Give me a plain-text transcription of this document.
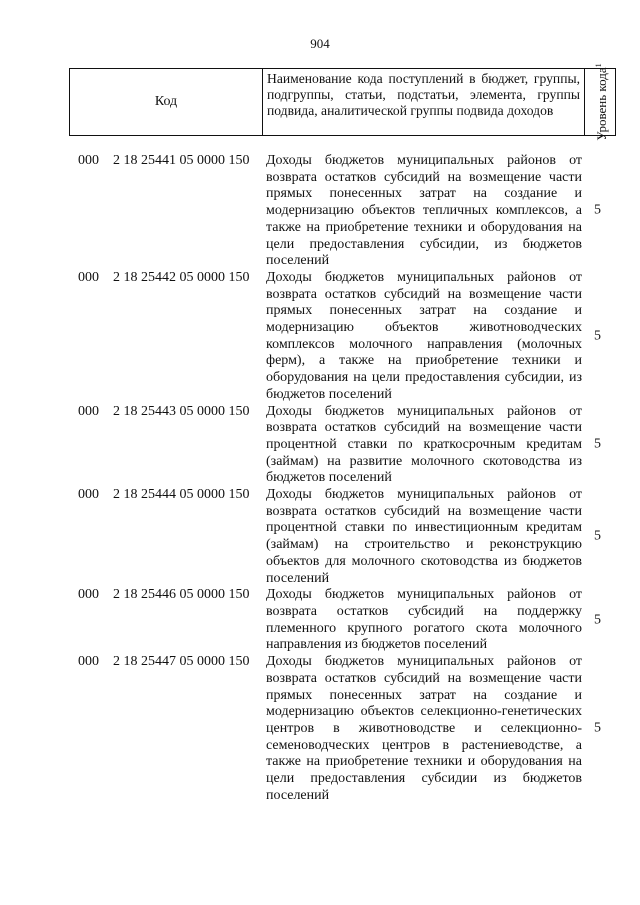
904
Код
Наименование кода поступлений в бюджет, группы, подгруппы, статьи, подстатьи, элемента, группы подвида, аналитической группы подвида доходов	Уровень кода$^1$
000 2 18 25441 05 0000 150 Доходы бюджетов муниципальных районов от возврата остатков субсидий на возмещение части прямых понесенных затрат на создание и модернизацию объектов тепличных комплексов, а также на приобретение техники и оборудования на цели предоставления субсидии, из бюджетов поселений
5
000 2 18 25442 05 0000 150 Доходы бюджетов муниципальных районов от возврата остатков субсидий на возмещение части прямых понесенных затрат на создание и модернизацию объектов животноводческих комплексов молочного направления (молочных ферм), а также на приобретение техники и оборудования на цели предоставления субсидии, из бюджетов поселений
5
000 2 18 25443 05 0000 150 Доходы бюджетов муниципальных районов от возврата остатков субсидий на возмещение части процентной ставки по краткосрочным кредитам (займам) на развитие молочного скотоводства из бюджетов поселений
5
000 2 18 25444 05 0000 150 Доходы бюджетов муниципальных районов от возврата остатков субсидий на возмещение части процентной ставки по инвестиционным кредитам (займам) на строительство и реконструкцию объектов для молочного скотоводства из бюджетов поселений
5
000 2 18 25446 05 0000 150 Доходы бюджетов муниципальных районов от возврата остатков субсидий на поддержку племенного крупного рогатого скота молочного направления из бюджетов поселений
5
000 2 18 25447 05 0000 150 Доходы бюджетов муниципальных районов от возврата остатков субсидий на возмещение части прямых понесенных затрат на создание и модернизацию объектов селекционно-генетических центров в животноводстве и селекционно-семеноводческих центров в растениеводстве, а также на приобретение техники и оборудования на цели предоставления субсидии из бюджетов поселений
5
